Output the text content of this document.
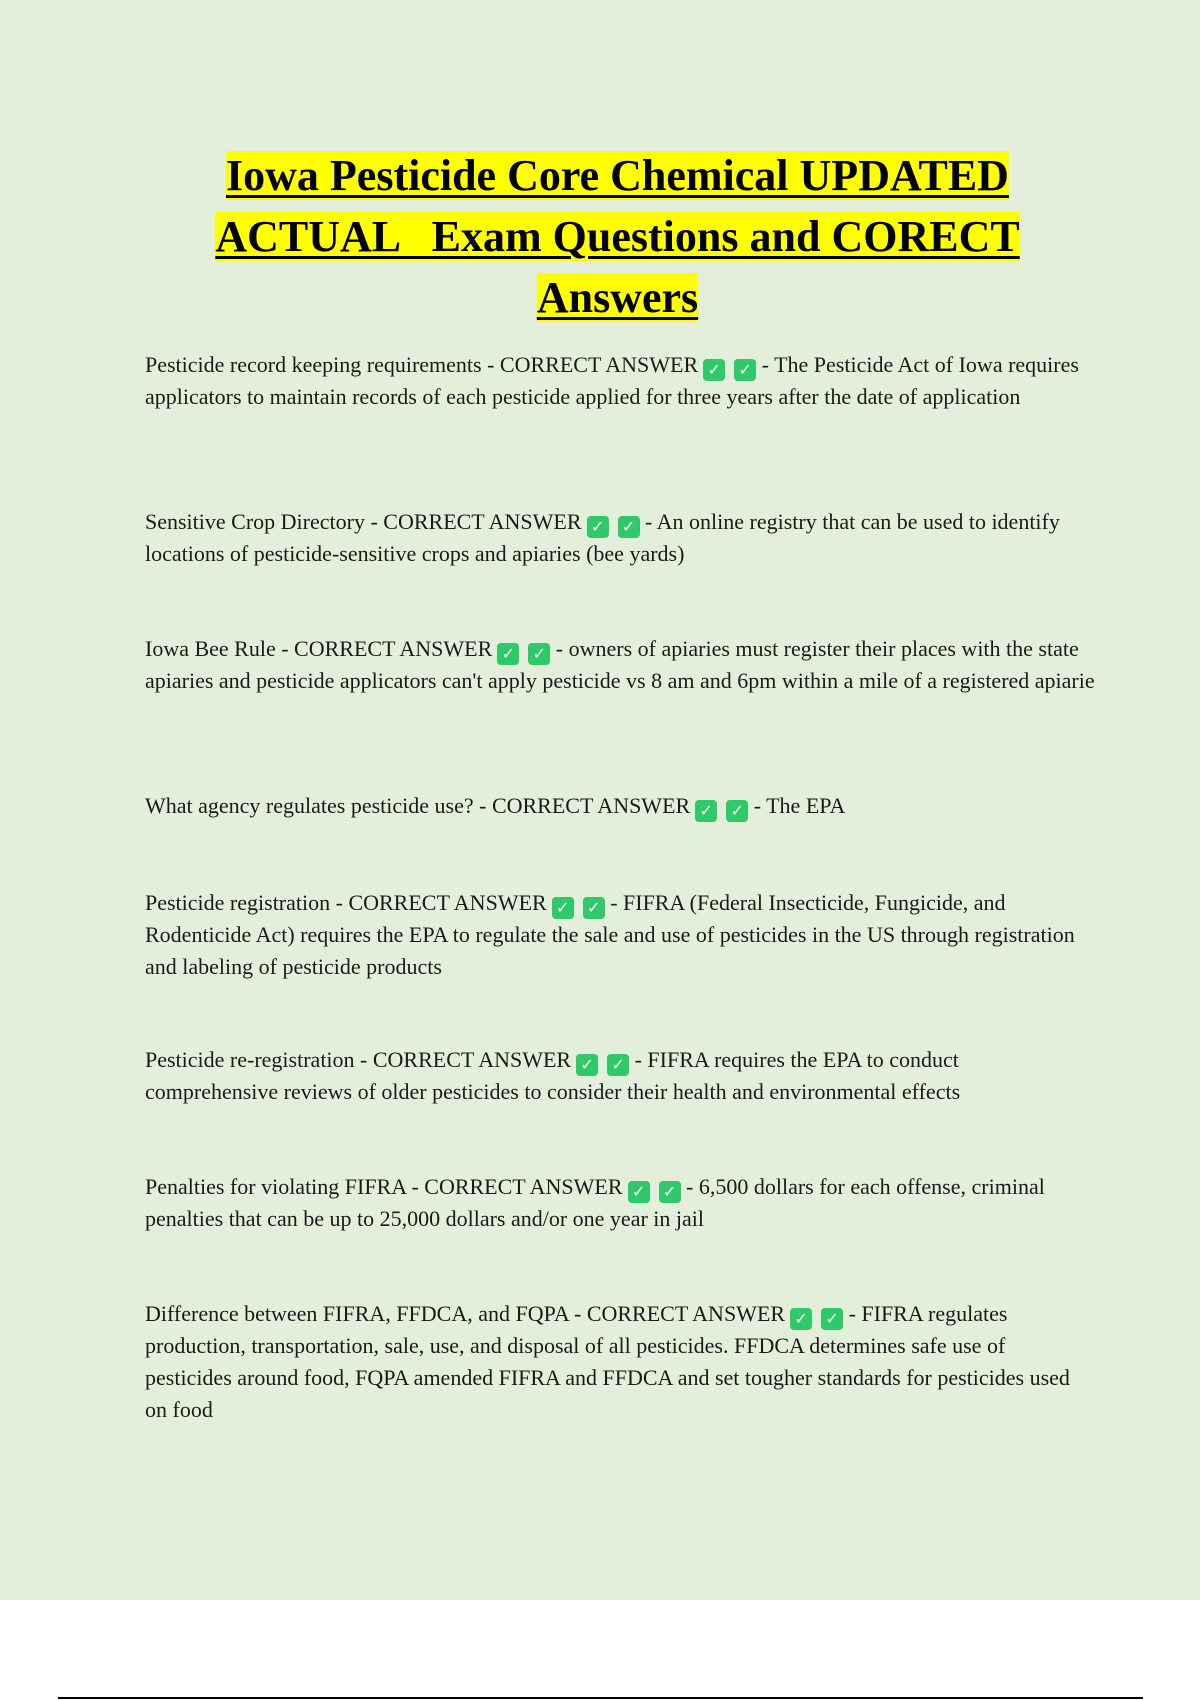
Iowa Pesticide Core Chemical UPDATED
ACTUAL   Exam Questions and CORECT
Answers
Pesticide record keeping requirements - CORRECT ANSWER ✓ ✓ - The Pesticide Act of Iowa requires applicators to maintain records of each pesticide applied for three years after the date of application
Sensitive Crop Directory - CORRECT ANSWER ✓ ✓ - An online registry that can be used to identify locations of pesticide-sensitive crops and apiaries (bee yards)
Iowa Bee Rule - CORRECT ANSWER ✓ ✓ - owners of apiaries must register their places with the state apiaries and pesticide applicators can't apply pesticide vs 8 am and 6pm within a mile of a registered apiarie
What agency regulates pesticide use? - CORRECT ANSWER ✓ ✓ - The EPA
Pesticide registration - CORRECT ANSWER ✓ ✓ - FIFRA (Federal Insecticide, Fungicide, and Rodenticide Act) requires the EPA to regulate the sale and use of pesticides in the US through registration and labeling of pesticide products
Pesticide re-registration - CORRECT ANSWER ✓ ✓ - FIFRA requires the EPA to conduct comprehensive reviews of older pesticides to consider their health and environmental effects
Penalties for violating FIFRA - CORRECT ANSWER ✓ ✓ - 6,500 dollars for each offense, criminal penalties that can be up to 25,000 dollars and/or one year in jail
Difference between FIFRA, FFDCA, and FQPA - CORRECT ANSWER ✓ ✓ - FIFRA regulates production, transportation, sale, use, and disposal of all pesticides. FFDCA determines safe use of pesticides around food, FQPA amended FIFRA and FFDCA and set tougher standards for pesticides used on food
